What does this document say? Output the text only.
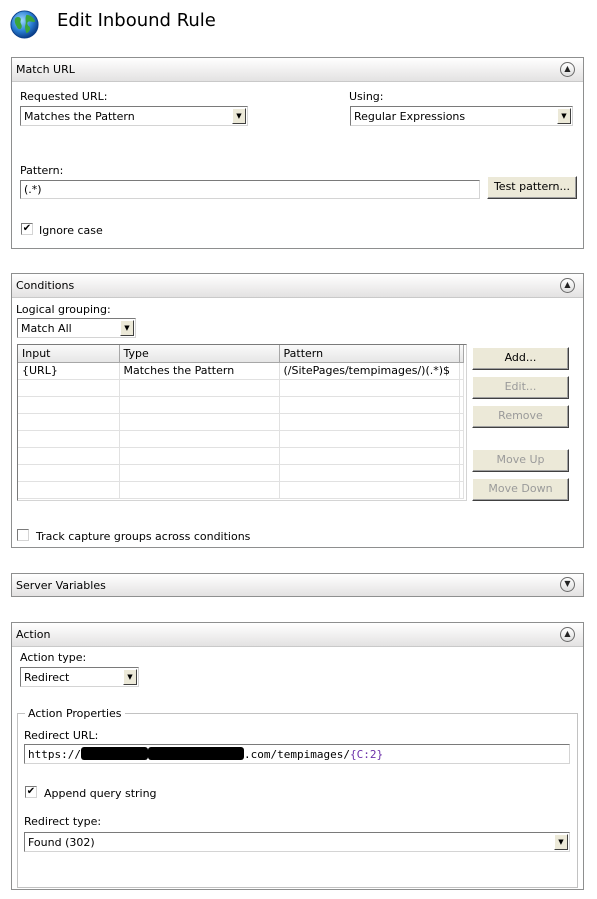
Edit Inbound Rule
Match URL	▲
Requested URL:
Matches the Pattern	▼
Using:
Regular Expressions	▼
Pattern:
(.*)	Test pattern...
✔ Ignore case
Conditions	▲
Logical grouping:
Match All	▼
Input	Type	Pattern	
{URL}	Matches the Pattern	(/SitePages/tempimages/)(.*)$	

Add...
Edit...
Remove
Move Up
Move Down
Track capture groups across conditions
Server Variables	▼
Action	▲
Action type:
Redirect	▼
Action Properties
Redirect URL:
https://	.com/tempimages/{C:2}
✔ Append query string
Redirect type:
Found (302)	▼
